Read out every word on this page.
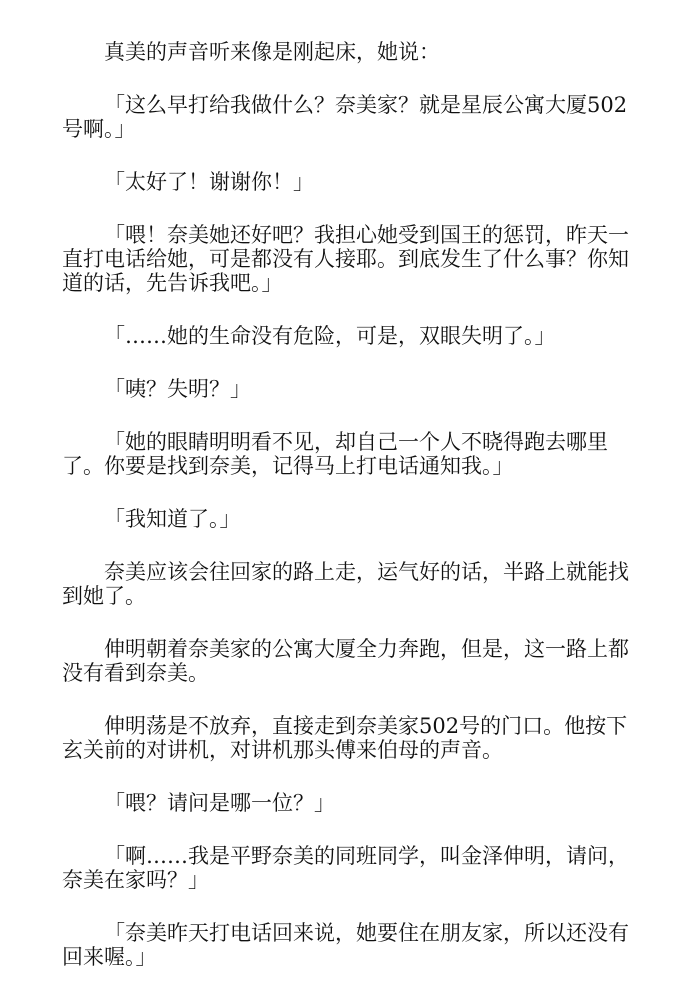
真美的声音听来像是刚起床，她说：

「这么早打给我做什么？奈美家？就是星辰公寓大厦502
号啊。」

「太好了！谢谢你！」

「喂！奈美她还好吧？我担心她受到国王的惩罚，昨天一
直打电话给她，可是都没有人接耶。到底发生了什么事？你知
道的话，先告诉我吧。」

「……她的生命没有危险，可是，双眼失明了。」

「咦？失明？」

「她的眼睛明明看不见，却自己一个人不晓得跑去哪里
了。你要是找到奈美，记得马上打电话通知我。」

「我知道了。」

奈美应该会往回家的路上走，运气好的话，半路上就能找
到她了。

伸明朝着奈美家的公寓大厦全力奔跑，但是，这一路上都
没有看到奈美。

伸明荡是不放弃，直接走到奈美家502号的门口。他按下
玄关前的对讲机，对讲机那头傅来伯母的声音。

「喂？请问是哪一位？」

「啊……我是平野奈美的同班同学，叫金泽伸明，请问，
奈美在家吗？」

「奈美昨天打电话回来说，她要住在朋友家，所以还没有
回来喔。」
